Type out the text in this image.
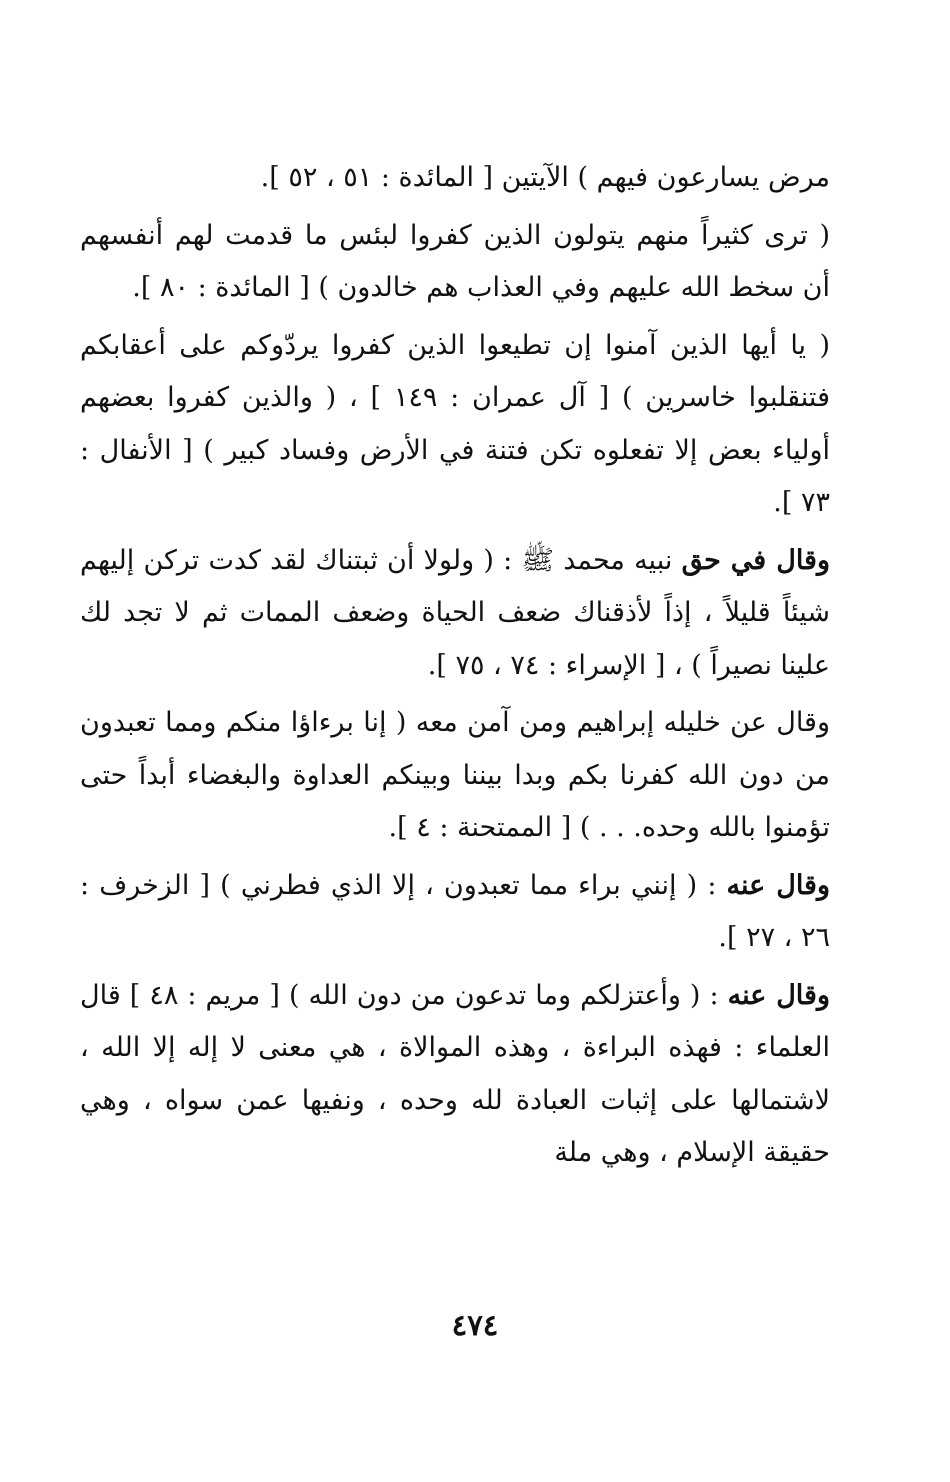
مرض يسارعون فيهم ) الآيتين [ المائدة : ٥١ ، ٥٢ ].

( ترى كثيراً منهم يتولون الذين كفروا لبئس ما قدمت لهم أنفسهم أن سخط الله عليهم وفي العذاب هم خالدون ) [ المائدة : ٨٠ ].

( يا أيها الذين آمنوا إن تطيعوا الذين كفروا يردّوكم على أعقابكم فتنقلبوا خاسرين ) [ آل عمران : ١٤٩ ] ، ( والذين كفروا بعضهم أولياء بعض إلا تفعلوه تكن فتنة في الأرض وفساد كبير ) [ الأنفال : ٧٣ ].

وقال في حق نبيه محمد ﷺ : ( ولولا أن ثبتناك لقد كدت تركن إليهم شيئاً قليلاً ، إذاً لأذقناك ضعف الحياة وضعف الممات ثم لا تجد لك علينا نصيراً ) ، [ الإسراء : ٧٤ ، ٧٥ ].

وقال عن خليله إبراهيم ومن آمن معه ( إنا برءاؤا منكم ومما تعبدون من دون الله كفرنا بكم وبدا بيننا وبينكم العداوة والبغضاء أبداً حتى تؤمنوا بالله وحده. . . ) [ الممتحنة : ٤ ].

وقال عنه : ( إنني براء مما تعبدون ، إلا الذي فطرني ) [ الزخرف : ٢٦ ، ٢٧ ].

وقال عنه : ( وأعتزلكم وما تدعون من دون الله ) [ مريم : ٤٨ ] قال العلماء : فهذه البراءة ، وهذه الموالاة ، هي معنى لا إله إلا الله ، لاشتمالها على إثبات العبادة لله وحده ، ونفيها عمن سواه ، وهي حقيقة الإسلام ، وهي ملة

٤٧٤
